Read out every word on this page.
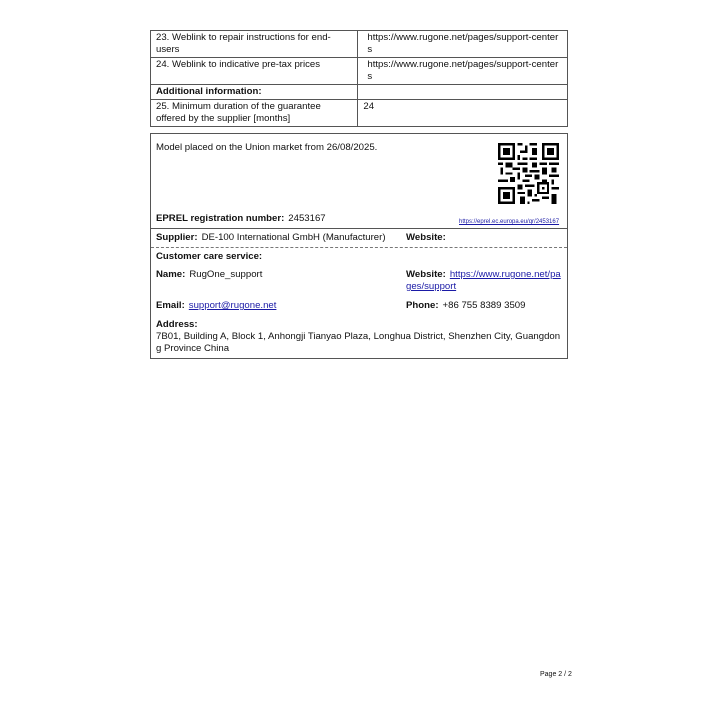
23. Weblink to repair instructions for end-users	https://www.rugone.net/pages/support-centers
24. Weblink to indicative pre-tax prices	https://www.rugone.net/pages/support-centers
Additional information:	
25. Minimum duration of the guarantee offered by the supplier [months]	24
Model placed on the Union market from 26/08/2025.
https://eprel.ec.europa.eu/qr/2453167
EPREL registration number: 2453167
Supplier: DE-100 International GmbH (Manufacturer) Website:
Customer care service:
Name: RugOne_support	Website: https://www.rugone.net/pages/support
Email: support@rugone.net	Phone: +86 755 8389 3509
Address:
7B01, Building A, Block 1, Anhongji Tianyao Plaza, Longhua District, Shenzhen City, Guangdong Province China
Page 2 / 2
